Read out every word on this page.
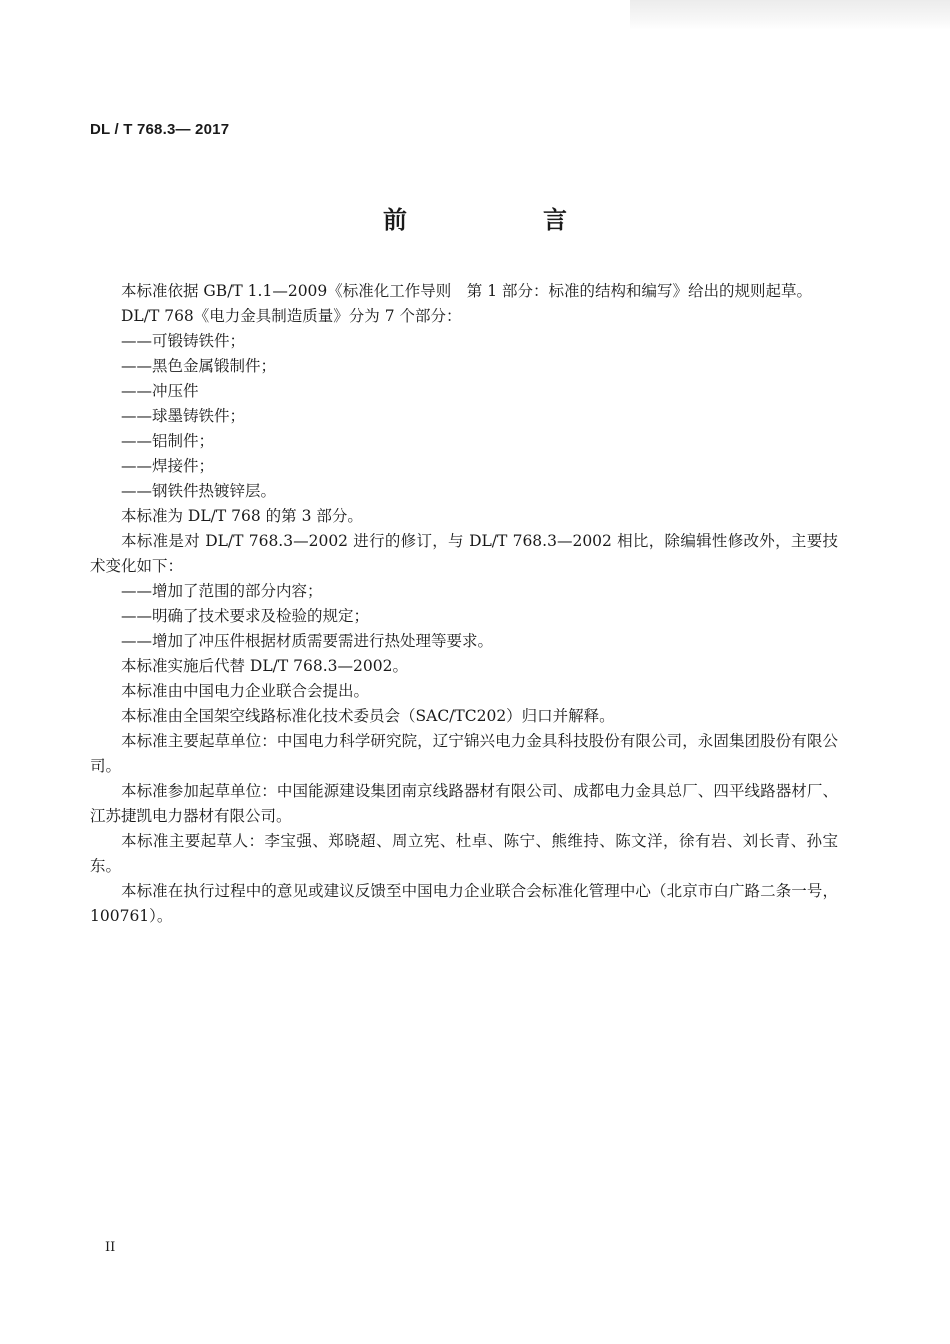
DL / T 768.3— 2017
前　言

本标准依据 GB/T 1.1—2009《标准化工作导则　第 1 部分：标准的结构和编写》给出的规则起草。

DL/T 768《电力金具制造质量》分为 7 个部分：

——可锻铸铁件；

——黑色金属锻制件；

——冲压件

——球墨铸铁件；

——铝制件；

——焊接件；

——钢铁件热镀锌层。

本标准为 DL/T 768 的第 3 部分。

本标准是对 DL/T 768.3—2002 进行的修订，与 DL/T 768.3—2002 相比，除编辑性修改外，主要技术变化如下：

——增加了范围的部分内容；

——明确了技术要求及检验的规定；

——增加了冲压件根据材质需要需进行热处理等要求。

本标准实施后代替 DL/T 768.3—2002。

本标准由中国电力企业联合会提出。

本标准由全国架空线路标准化技术委员会（SAC/TC202）归口并解释。

本标准主要起草单位：中国电力科学研究院，辽宁锦兴电力金具科技股份有限公司，永固集团股份有限公司。

本标准参加起草单位：中国能源建设集团南京线路器材有限公司、成都电力金具总厂、四平线路器材厂、江苏捷凯电力器材有限公司。

本标准主要起草人：李宝强、郑晓超、周立宪、杜卓、陈宁、熊维持、陈文洋，徐有岩、刘长青、孙宝东。

本标准在执行过程中的意见或建议反馈至中国电力企业联合会标准化管理中心（北京市白广路二条一号，100761）。

II
